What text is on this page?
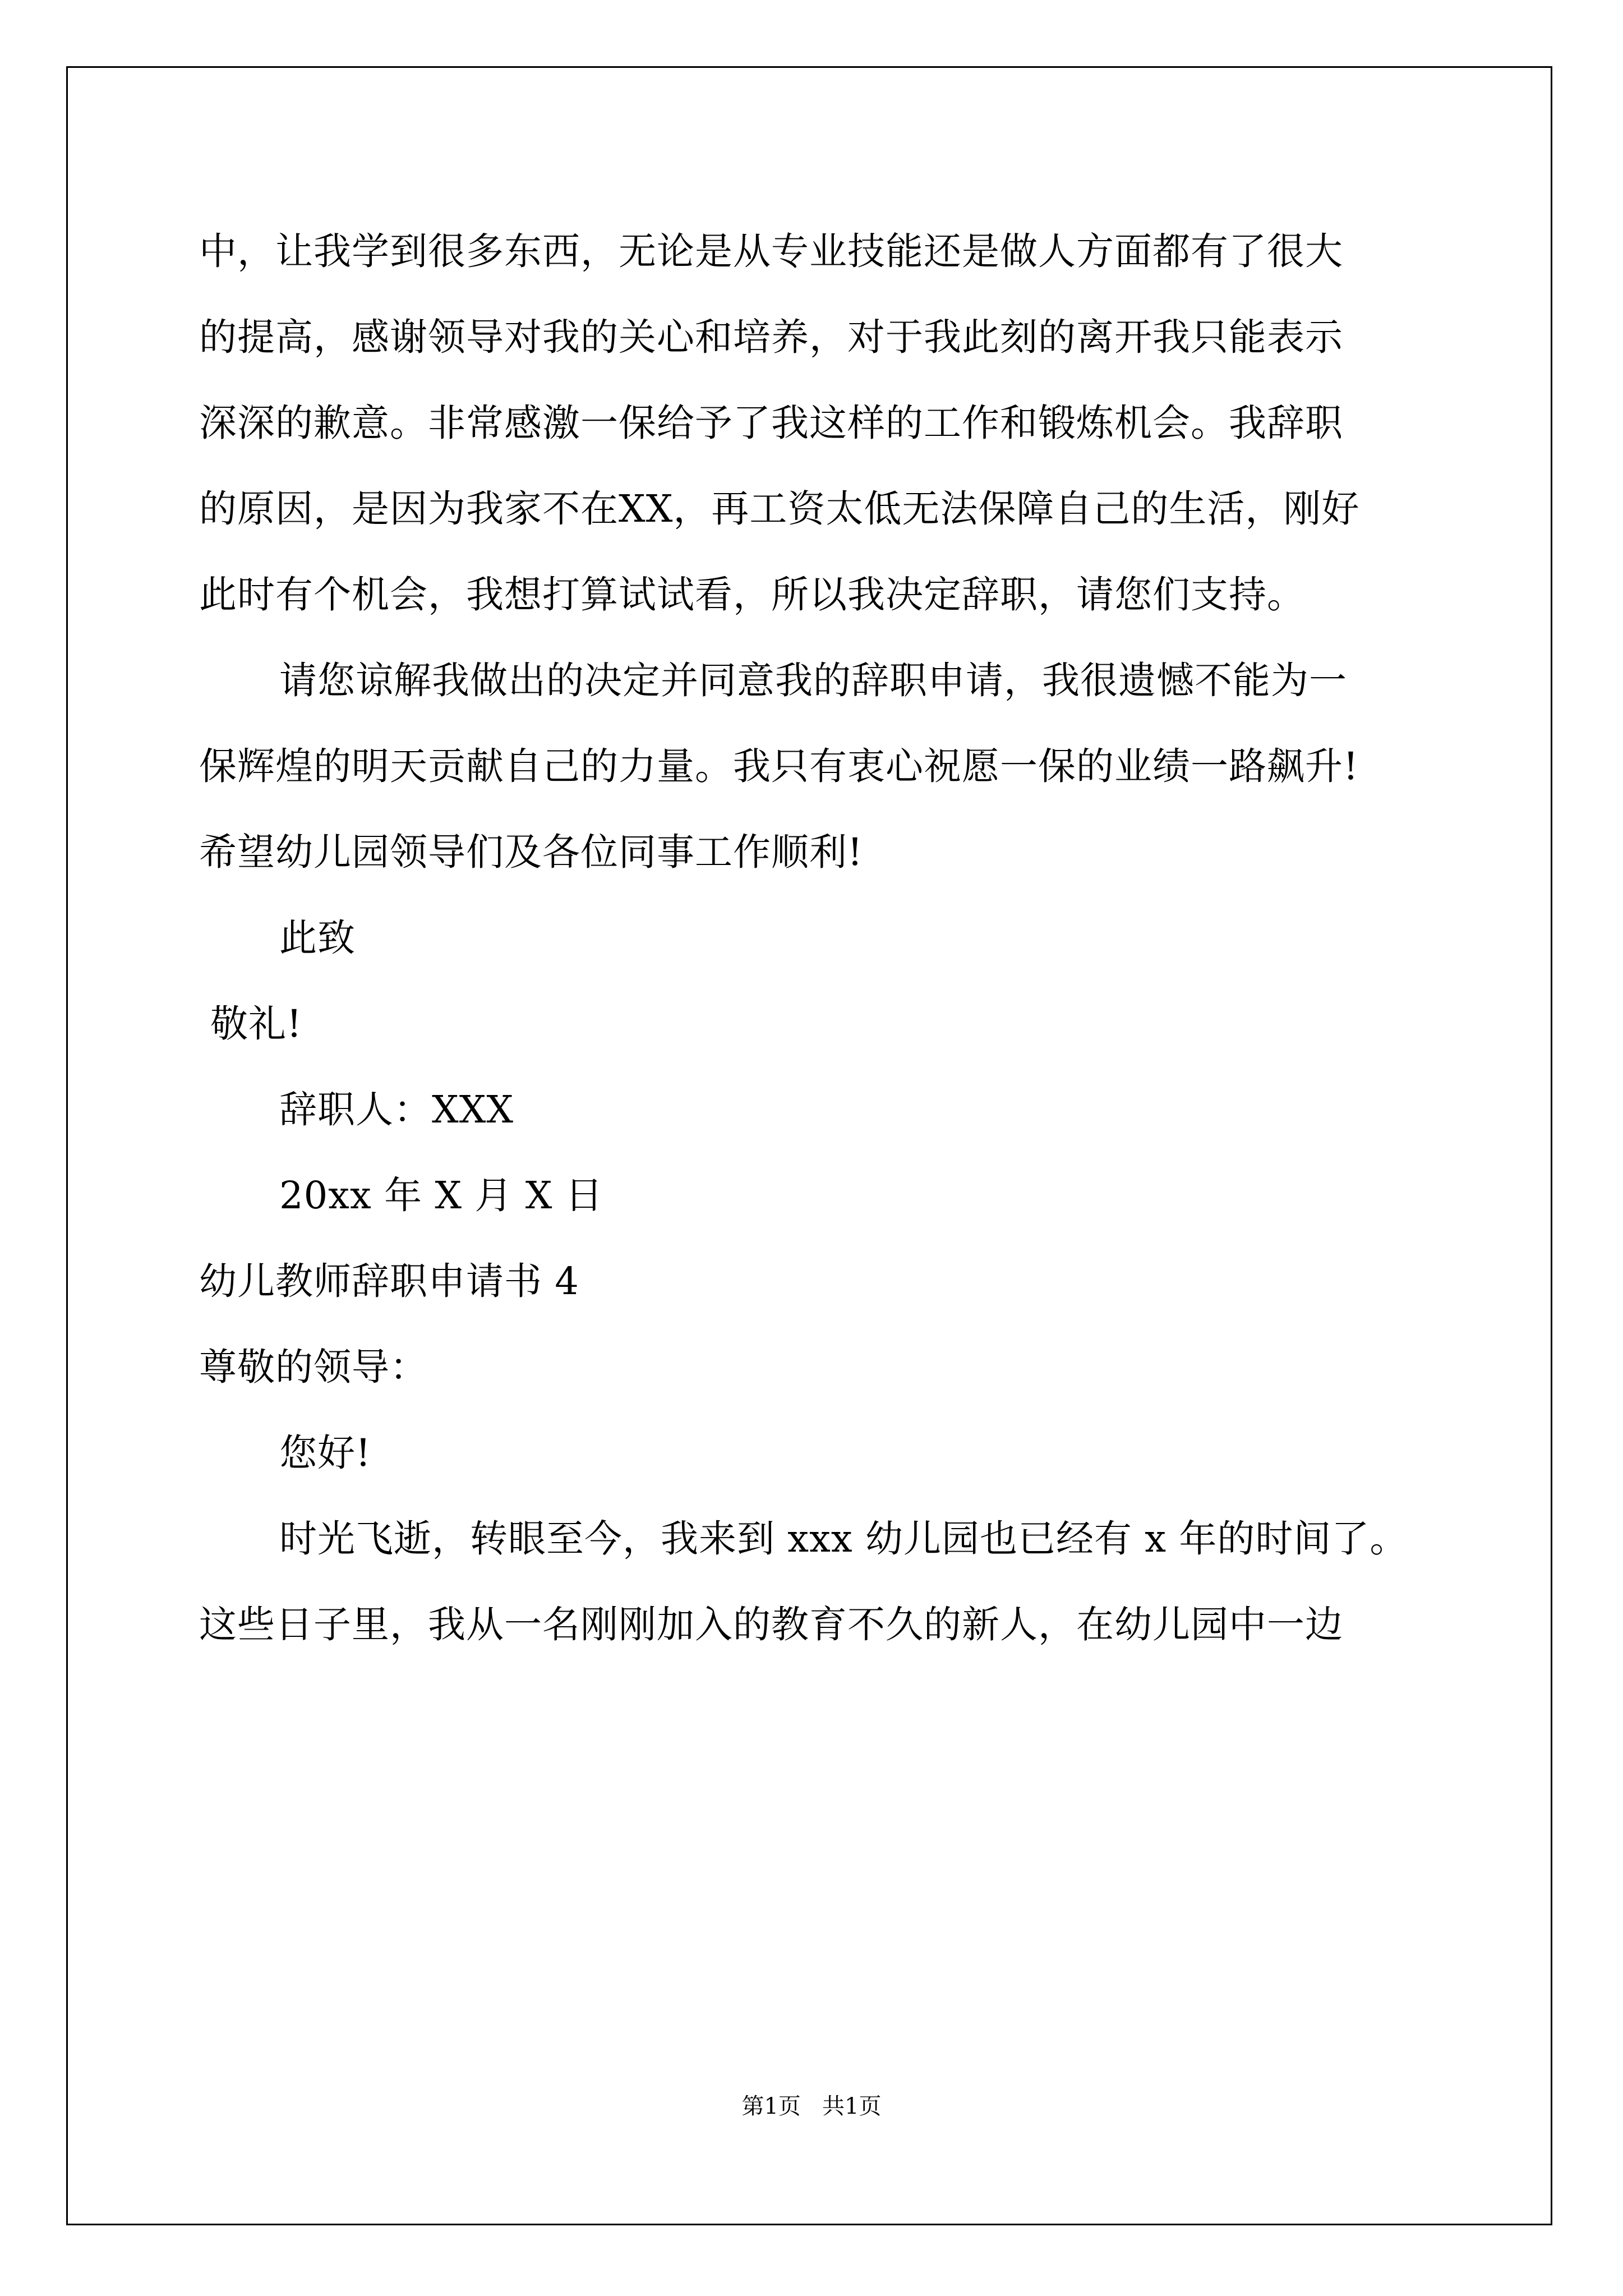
中，让我学到很多东西，无论是从专业技能还是做人方面都有了很大
的提高，感谢领导对我的关心和培养，对于我此刻的离开我只能表示
深深的歉意。非常感激一保给予了我这样的工作和锻炼机会。我辞职
的原因，是因为我家不在XX，再工资太低无法保障自己的生活，刚好
此时有个机会，我想打算试试看，所以我决定辞职，请您们支持。
请您谅解我做出的决定并同意我的辞职申请，我很遗憾不能为一
保辉煌的明天贡献自己的力量。我只有衷心祝愿一保的业绩一路飙升!
希望幼儿园领导们及各位同事工作顺利!
此致
敬礼!
辞职人：XXX
20xx 年 X 月 X 日
幼儿教师辞职申请书 4
尊敬的领导：
您好!
时光飞逝，转眼至今，我来到 xxx 幼儿园也已经有 x 年的时间了。
这些日子里，我从一名刚刚加入的教育不久的新人，在幼儿园中一边
第1页   共1页
